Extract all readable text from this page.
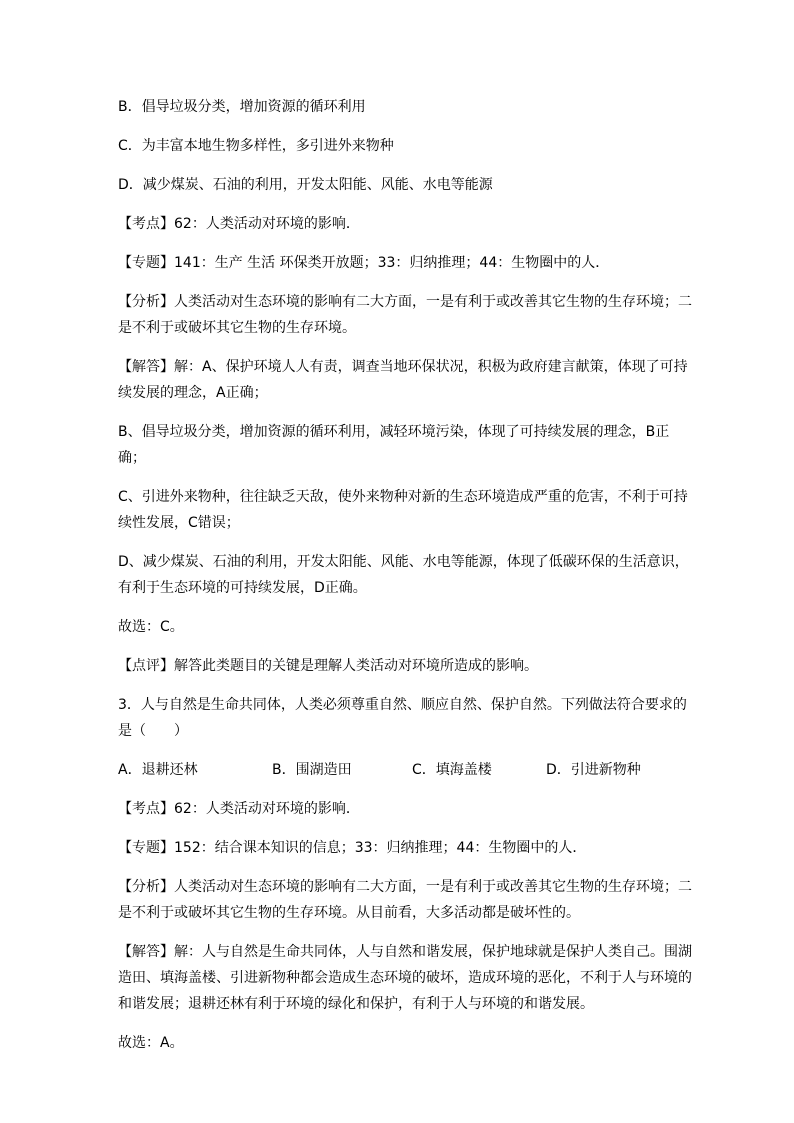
B．倡导垃圾分类，增加资源的循环利用
C．为丰富本地生物多样性，多引进外来物种
D．减少煤炭、石油的利用，开发太阳能、风能、水电等能源
【考点】62：人类活动对环境的影响．
【专题】141：生产 生活 环保类开放题；33：归纳推理；44：生物圈中的人．
【分析】人类活动对生态环境的影响有二大方面，一是有利于或改善其它生物的生存环境；二是不利于或破坏其它生物的生存环境。
【解答】解：A、保护环境人人有责，调查当地环保状况，积极为政府建言献策，体现了可持续发展的理念，A正确；
B、倡导垃圾分类，增加资源的循环利用，减轻环境污染，体现了可持续发展的理念，B正确；
C、引进外来物种，往往缺乏天敌，使外来物种对新的生态环境造成严重的危害，不利于可持续性发展，C错误；
D、减少煤炭、石油的利用，开发太阳能、风能、水电等能源，体现了低碳环保的生活意识，有利于生态环境的可持续发展，D正确。
故选：C。
【点评】解答此类题目的关键是理解人类活动对环境所造成的影响。
3．人与自然是生命共同体，人类必须尊重自然、顺应自然、保护自然。下列做法符合要求的是（　　）
A．退耕还林	B．围湖造田	C．填海盖楼	D．引进新物种
【考点】62：人类活动对环境的影响．
【专题】152：结合课本知识的信息；33：归纳推理；44：生物圈中的人．
【分析】人类活动对生态环境的影响有二大方面，一是有利于或改善其它生物的生存环境；二是不利于或破坏其它生物的生存环境。从目前看，大多活动都是破坏性的。
【解答】解：人与自然是生命共同体，人与自然和谐发展，保护地球就是保护人类自己。围湖造田、填海盖楼、引进新物种都会造成生态环境的破坏，造成环境的恶化，不利于人与环境的和谐发展；退耕还林有利于环境的绿化和保护，有利于人与环境的和谐发展。
故选：A。
